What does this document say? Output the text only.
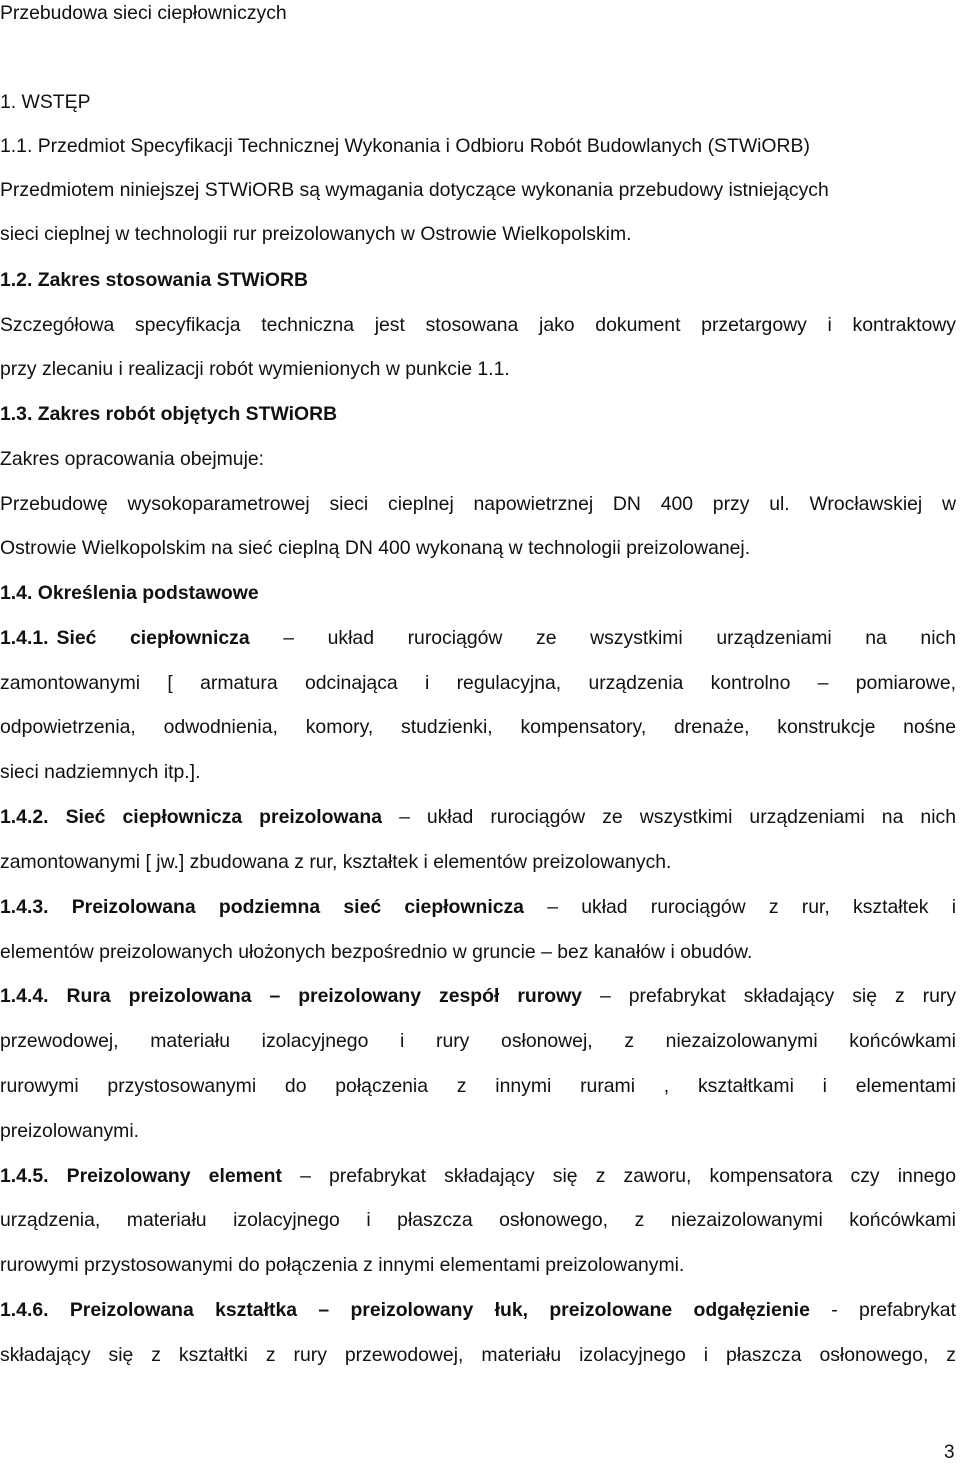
Przebudowa sieci ciepłowniczych
1. WSTĘP
1.1. Przedmiot Specyfikacji Technicznej Wykonania i Odbioru Robót Budowlanych (STWiORB)
Przedmiotem niniejszej STWiORB są wymagania dotyczące wykonania przebudowy istniejących
sieci cieplnej w technologii rur preizolowanych w Ostrowie Wielkopolskim.
1.2. Zakres stosowania STWiORB
Szczegółowa specyfikacja techniczna jest stosowana jako dokument przetargowy i kontraktowy
przy zlecaniu i realizacji robót wymienionych w punkcie 1.1.
1.3. Zakres robót objętych STWiORB
Zakres opracowania obejmuje:
Przebudowę wysokoparametrowej sieci cieplnej napowietrznej DN 400 przy ul. Wrocławskiej w
Ostrowie Wielkopolskim na sieć cieplną DN 400 wykonaną w technologii preizolowanej.
1.4. Określenia podstawowe
1.4.1. Sieć ciepłownicza – układ rurociągów ze wszystkimi urządzeniami na nich
zamontowanymi [ armatura odcinająca i regulacyjna, urządzenia kontrolno – pomiarowe,
odpowietrzenia, odwodnienia, komory, studzienki, kompensatory, drenaże, konstrukcje nośne
sieci nadziemnych itp.].
1.4.2. Sieć ciepłownicza preizolowana – układ rurociągów ze wszystkimi urządzeniami na nich
zamontowanymi [ jw.] zbudowana z rur, kształtek i elementów preizolowanych.
1.4.3. Preizolowana podziemna sieć ciepłownicza – układ rurociągów z rur, kształtek i
elementów preizolowanych ułożonych bezpośrednio w gruncie – bez kanałów i obudów.
1.4.4. Rura preizolowana – preizolowany zespół rurowy – prefabrykat składający się z rury
przewodowej, materiału izolacyjnego i rury osłonowej, z niezaizolowanymi końcówkami
rurowymi przystosowanymi do połączenia z innymi rurami , kształtkami i elementami
preizolowanymi.
1.4.5. Preizolowany element – prefabrykat składający się z zaworu, kompensatora czy innego
urządzenia, materiału izolacyjnego i płaszcza osłonowego, z niezaizolowanymi końcówkami
rurowymi przystosowanymi do połączenia z innymi elementami preizolowanymi.
1.4.6. Preizolowana kształtka – preizolowany łuk, preizolowane odgałęzienie - prefabrykat
składający się z kształtki z rury przewodowej, materiału izolacyjnego i płaszcza osłonowego, z
3
